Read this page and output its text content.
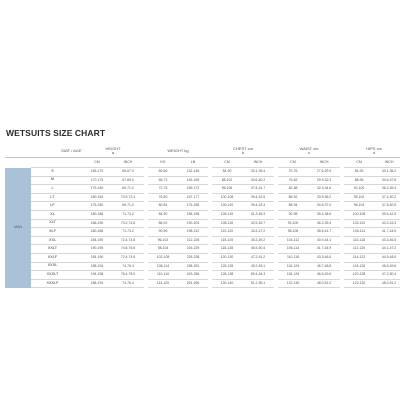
WETSUITS SIZE CHART
	SIZE / AGE		HEIGHT
a			WEIGHT kg			CHEST cm
b			WAIST cm
c			HIPS cm
d	
			CM	INCH		KG	LB		CM	INCH		CM	INCH		CM	INCH
MAN	S		165-170	65-67.0		60-66	132-145		84-90	33.1-35.4		70-76	27.6-29.9		84-92	33.1-36.2
	M		170-175	67-69.0		66-72	145-159		88-102	34.6-40.2		76-82	29.9-32.3		88-96	34.6-37.8
	L		175-180	69-71.0		72-78	159-172		96-106	37.8-41.7		82-88	32.3-34.6		92-100	36.2-39.4
	LT		180-184	70.9-72.4		76-80	167-177		100-108	39.4-42.5		86-92	33.9-36.2		95-102	37.4-40.2
	LF		175-180	69-71.0		80-84	176-185		100-110	39.4-43.3		88-94	34.6-37.0		96-104	37.8-40.9
	XL		180-186	71-73.2		84-90	185-198		105-115	41.3-45.3		90-98	35.4-38.6		100-108	39.4-42.5
	XLT		186-190	73.2-74.8		86-92	190-203		108-116	42.5-45.7		92-100	36.2-39.4		102-110	40.2-43.3
	XLF		180-186	71-73.2		90-96	198-212		110-120	43.3-47.2		98-106	38.6-41.7		106-114	41.7-44.9
	XXL		184-190	72.4-74.8		96-102	212-225		115-125	45.3-49.2		104-112	40.9-44.1		110-118	43.3-46.5
	XXLT		190-195	74.8-76.8		98-104	216-229		118-128	46.5-50.4		106-114	41.7-44.9		112-120	44.1-47.2
	XXLF		184-190	72.4-74.8		102-108	225-238		120-130	47.2-51.2		110-118	43.3-46.5		114-122	44.9-48.0
	XXXL		188-194	74-76.4		108-114	238-251		125-135	49.2-53.1		116-124	45.7-48.8		118-126	46.5-49.6
	XXXLT		194-198	76.4-78.0		110-116	243-256		128-138	50.4-54.3		118-126	46.5-49.6		120-128	47.2-50.4
	XXXLF		188-194	74-76.4		114-120	251-265		130-140	51.2-55.1		122-130	48.0-51.2		122-130	48.0-51.2
